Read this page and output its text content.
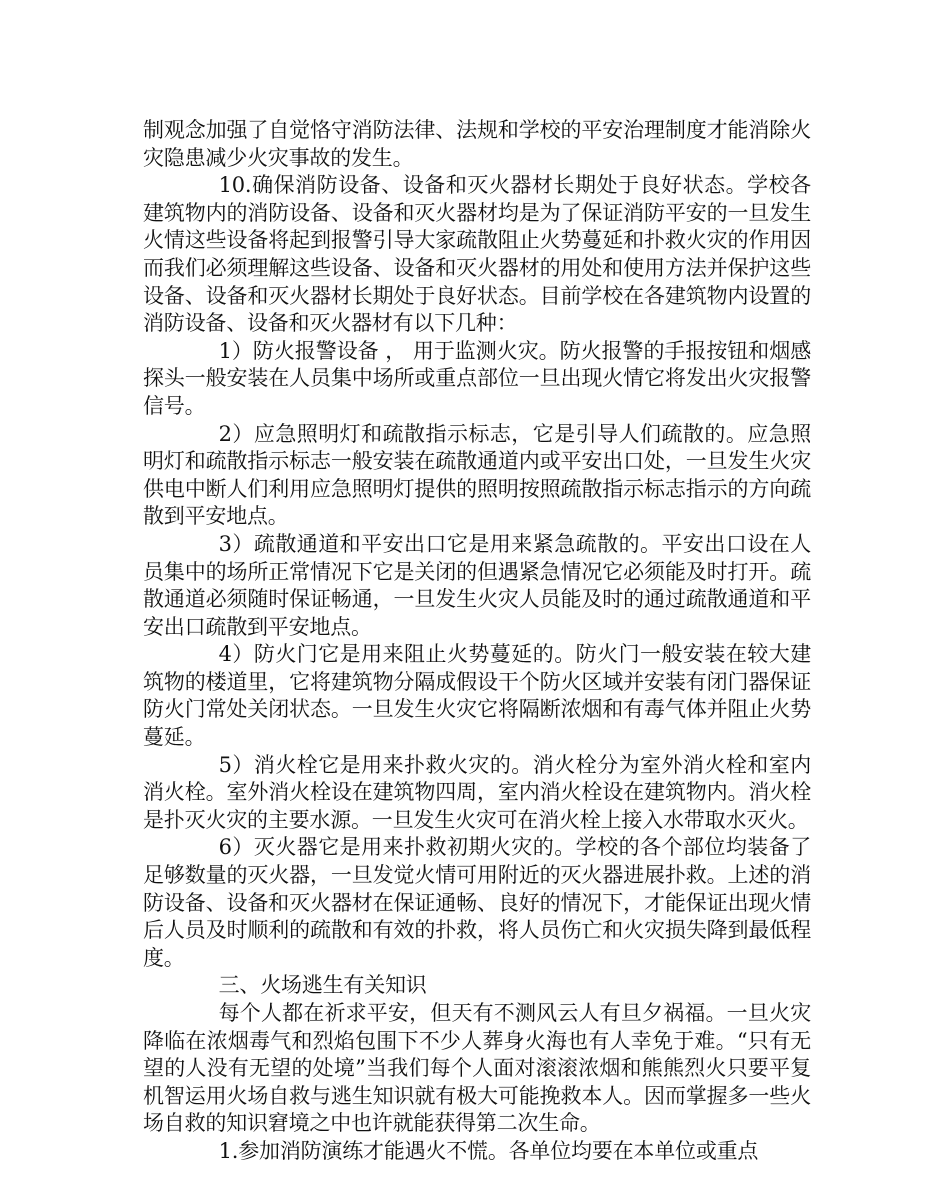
制观念加强了自觉恪守消防法律、法规和学校的平安治理制度才能消除火灾隐患减少火灾事故的发生。

10.确保消防设备、设备和灭火器材长期处于良好状态。学校各建筑物内的消防设备、设备和灭火器材均是为了保证消防平安的一旦发生火情这些设备将起到报警引导大家疏散阻止火势蔓延和扑救火灾的作用因而我们必须理解这些设备、设备和灭火器材的用处和使用方法并保护这些设备、设备和灭火器材长期处于良好状态。目前学校在各建筑物内设置的消防设备、设备和灭火器材有以下几种：

1）防火报警设备 ， 用于监测火灾。防火报警的手报按钮和烟感探头一般安装在人员集中场所或重点部位一旦出现火情它将发出火灾报警信号。

2）应急照明灯和疏散指示标志，它是引导人们疏散的。应急照明灯和疏散指示标志一般安装在疏散通道内或平安出口处，一旦发生火灾供电中断人们利用应急照明灯提供的照明按照疏散指示标志指示的方向疏散到平安地点。

3）疏散通道和平安出口它是用来紧急疏散的。平安出口设在人员集中的场所正常情况下它是关闭的但遇紧急情况它必须能及时打开。疏散通道必须随时保证畅通，一旦发生火灾人员能及时的通过疏散通道和平安出口疏散到平安地点。

4）防火门它是用来阻止火势蔓延的。防火门一般安装在较大建筑物的楼道里，它将建筑物分隔成假设干个防火区域并安装有闭门器保证防火门常处关闭状态。一旦发生火灾它将隔断浓烟和有毒气体并阻止火势蔓延。

5）消火栓它是用来扑救火灾的。消火栓分为室外消火栓和室内消火栓。室外消火栓设在建筑物四周，室内消火栓设在建筑物内。消火栓是扑灭火灾的主要水源。一旦发生火灾可在消火栓上接入水带取水灭火。

6）灭火器它是用来扑救初期火灾的。学校的各个部位均装备了足够数量的灭火器，一旦发觉火情可用附近的灭火器进展扑救。上述的消防设备、设备和灭火器材在保证通畅、良好的情况下，才能保证出现火情后人员及时顺利的疏散和有效的扑救，将人员伤亡和火灾损失降到最低程度。

三、火场逃生有关知识

每个人都在祈求平安，但天有不测风云人有旦夕祸福。一旦火灾降临在浓烟毒气和烈焰包围下不少人葬身火海也有人幸免于难。“只有无望的人没有无望的处境”当我们每个人面对滚滚浓烟和熊熊烈火只要平复机智运用火场自救与逃生知识就有极大可能挽救本人。因而掌握多一些火场自救的知识窘境之中也许就能获得第二次生命。

1.参加消防演练才能遇火不慌。各单位均要在本单位或重点
